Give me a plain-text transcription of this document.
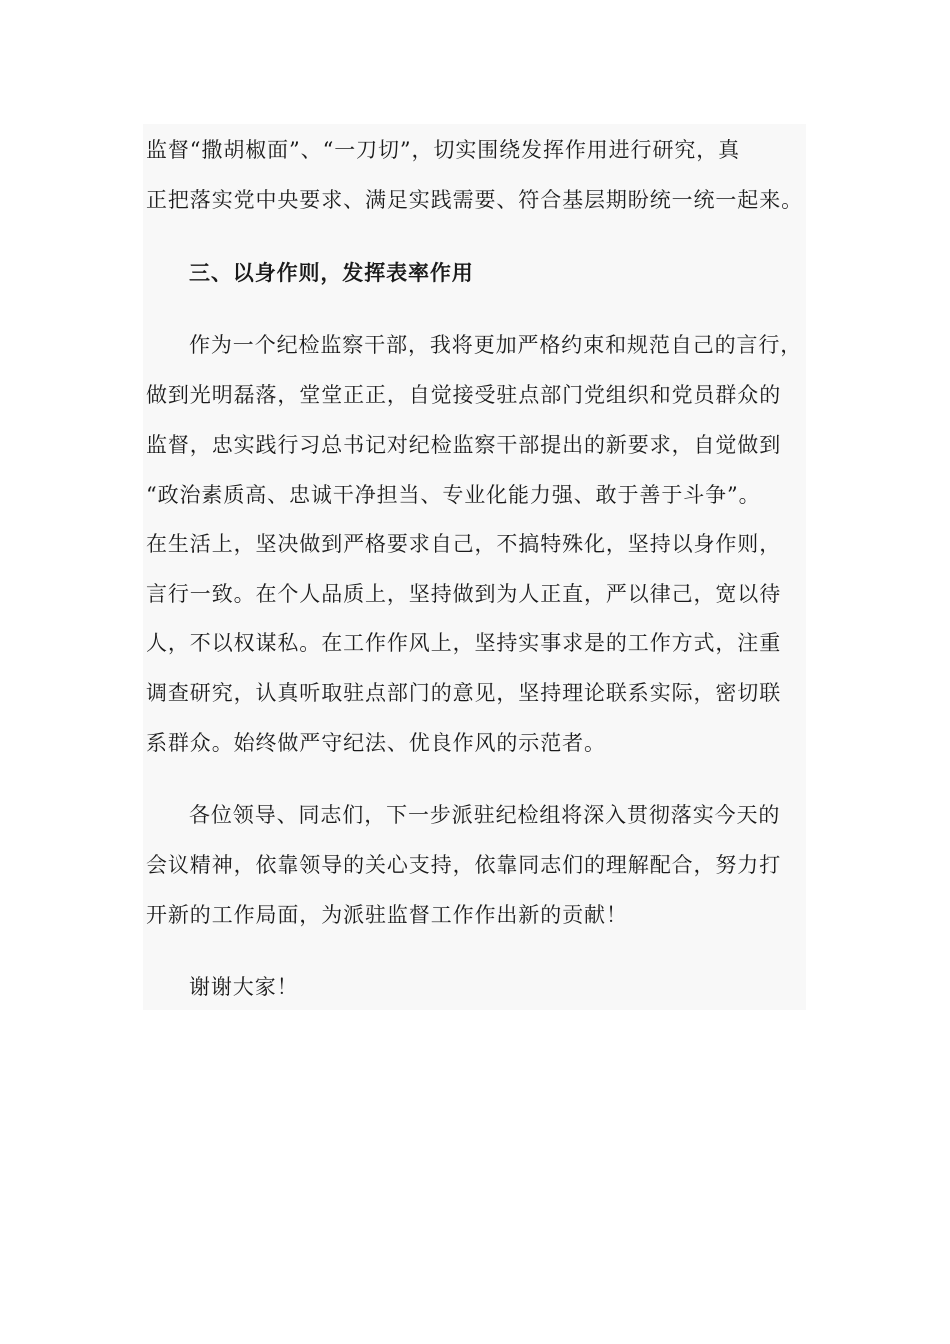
监督“撒胡椒面”、“一刀切”，切实围绕发挥作用进行研究，真
正把落实党中央要求、满足实践需要、符合基层期盼统一统一起来。
三、以身作则，发挥表率作用
作为一个纪检监察干部，我将更加严格约束和规范自己的言行，
做到光明磊落，堂堂正正，自觉接受驻点部门党组织和党员群众的
监督，忠实践行习总书记对纪检监察干部提出的新要求，自觉做到
“政治素质高、忠诚干净担当、专业化能力强、敢于善于斗争”。
在生活上，坚决做到严格要求自己，不搞特殊化，坚持以身作则，
言行一致。在个人品质上，坚持做到为人正直，严以律己，宽以待
人，不以权谋私。在工作作风上，坚持实事求是的工作方式，注重
调查研究，认真听取驻点部门的意见，坚持理论联系实际，密切联
系群众。始终做严守纪法、优良作风的示范者。
各位领导、同志们，下一步派驻纪检组将深入贯彻落实今天的
会议精神，依靠领导的关心支持，依靠同志们的理解配合，努力打
开新的工作局面，为派驻监督工作作出新的贡献！
谢谢大家！
